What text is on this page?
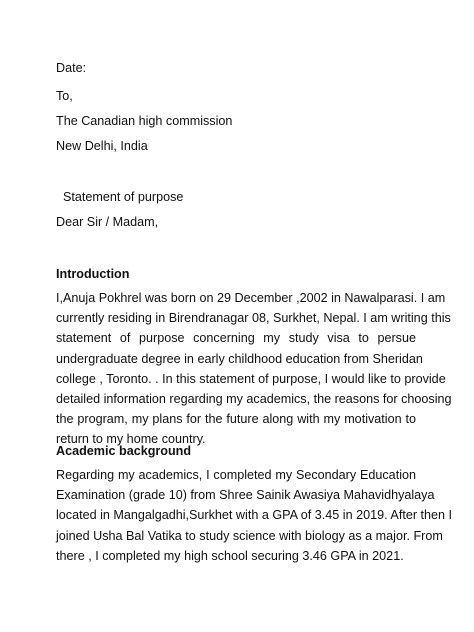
Date:
To,
The Canadian high commission
New Delhi, India
Statement of purpose
Dear Sir / Madam,
Introduction
I,Anuja Pokhrel was born on 29 December ,2002 in Nawalparasi. I am
currently residing in Birendranagar 08, Surkhet, Nepal. I am writing this
statement of purpose concerning my study visa to persue
undergraduate degree in early childhood education from Sheridan
college , Toronto. . In this statement of purpose, I would like to provide
detailed information regarding my academics, the reasons for choosing
the program, my plans for the future along with my motivation to
return to my home country.
Academic background
Regarding my academics, I completed my Secondary Education
Examination (grade 10) from Shree Sainik Awasiya Mahavidhyalaya
located in Mangalgadhi,Surkhet with a GPA of 3.45 in 2019. After then I
joined Usha Bal Vatika to study science with biology as a major. From
there , I completed my high school securing 3.46 GPA in 2021.
